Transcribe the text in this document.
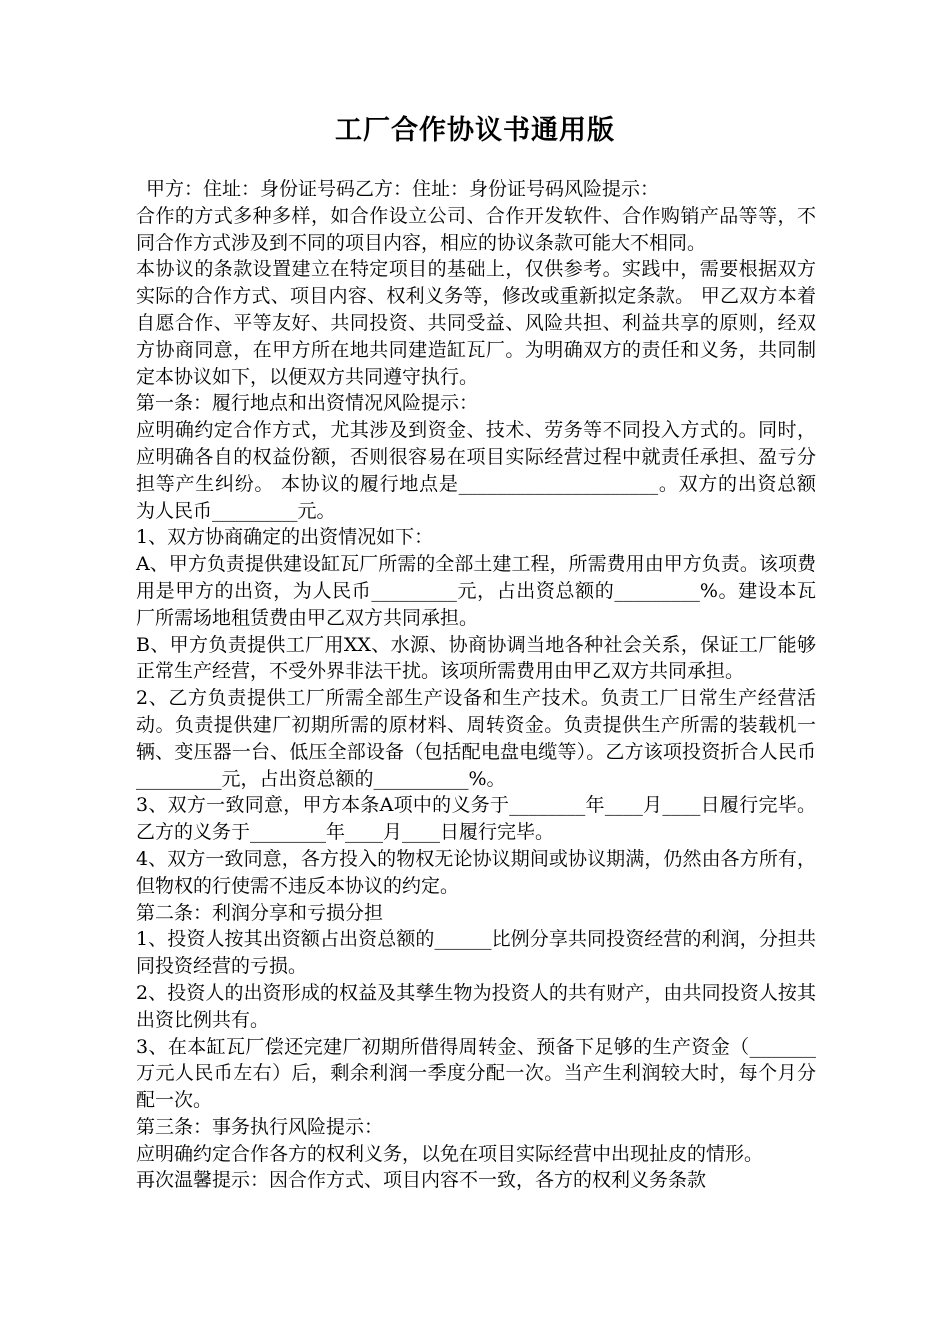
工厂合作协议书通用版

甲方：住址：身份证号码乙方：住址：身份证号码风险提示：

合作的方式多种多样，如合作设立公司、合作开发软件、合作购销产品等等，不同合作方式涉及到不同的项目内容，相应的协议条款可能大不相同。

本协议的条款设置建立在特定项目的基础上，仅供参考。实践中，需要根据双方实际的合作方式、项目内容、权利义务等，修改或重新拟定条款。 甲乙双方本着自愿合作、平等友好、共同投资、共同受益、风险共担、利益共享的原则，经双方协商同意，在甲方所在地共同建造缸瓦厂。为明确双方的责任和义务，共同制定本协议如下，以便双方共同遵守执行。

第一条：履行地点和出资情况风险提示：

应明确约定合作方式，尤其涉及到资金、技术、劳务等不同投入方式的。同时，应明确各自的权益份额，否则很容易在项目实际经营过程中就责任承担、盈亏分担等产生纠纷。 本协议的履行地点是_____________________。双方的出资总额为人民币_________元。

1、双方协商确定的出资情况如下：

A、甲方负责提供建设缸瓦厂所需的全部土建工程，所需费用由甲方负责。该项费用是甲方的出资，为人民币_________元，占出资总额的_________%。建设本瓦厂所需场地租赁费由甲乙双方共同承担。

B、甲方负责提供工厂用XX、水源、协商协调当地各种社会关系，保证工厂能够正常生产经营，不受外界非法干扰。该项所需费用由甲乙双方共同承担。

2、乙方负责提供工厂所需全部生产设备和生产技术。负责工厂日常生产经营活动。负责提供建厂初期所需的原材料、周转资金。负责提供生产所需的装载机一辆、变压器一台、低压全部设备（包括配电盘电缆等）。乙方该项投资折合人民币_________元，占出资总额的__________%。

3、双方一致同意，甲方本条A项中的义务于________年____月____日履行完毕。乙方的义务于________年____月____日履行完毕。

4、双方一致同意，各方投入的物权无论协议期间或协议期满，仍然由各方所有，但物权的行使需不违反本协议的约定。

第二条：利润分享和亏损分担

1、投资人按其出资额占出资总额的______比例分享共同投资经营的利润，分担共同投资经营的亏损。

2、投资人的出资形成的权益及其孳生物为投资人的共有财产，由共同投资人按其出资比例共有。

3、在本缸瓦厂偿还完建厂初期所借得周转金、预备下足够的生产资金（_______万元人民币左右）后，剩余利润一季度分配一次。当产生利润较大时，每个月分配一次。

第三条：事务执行风险提示：

应明确约定合作各方的权利义务，以免在项目实际经营中出现扯皮的情形。

再次温馨提示：因合作方式、项目内容不一致，各方的权利义务条款
